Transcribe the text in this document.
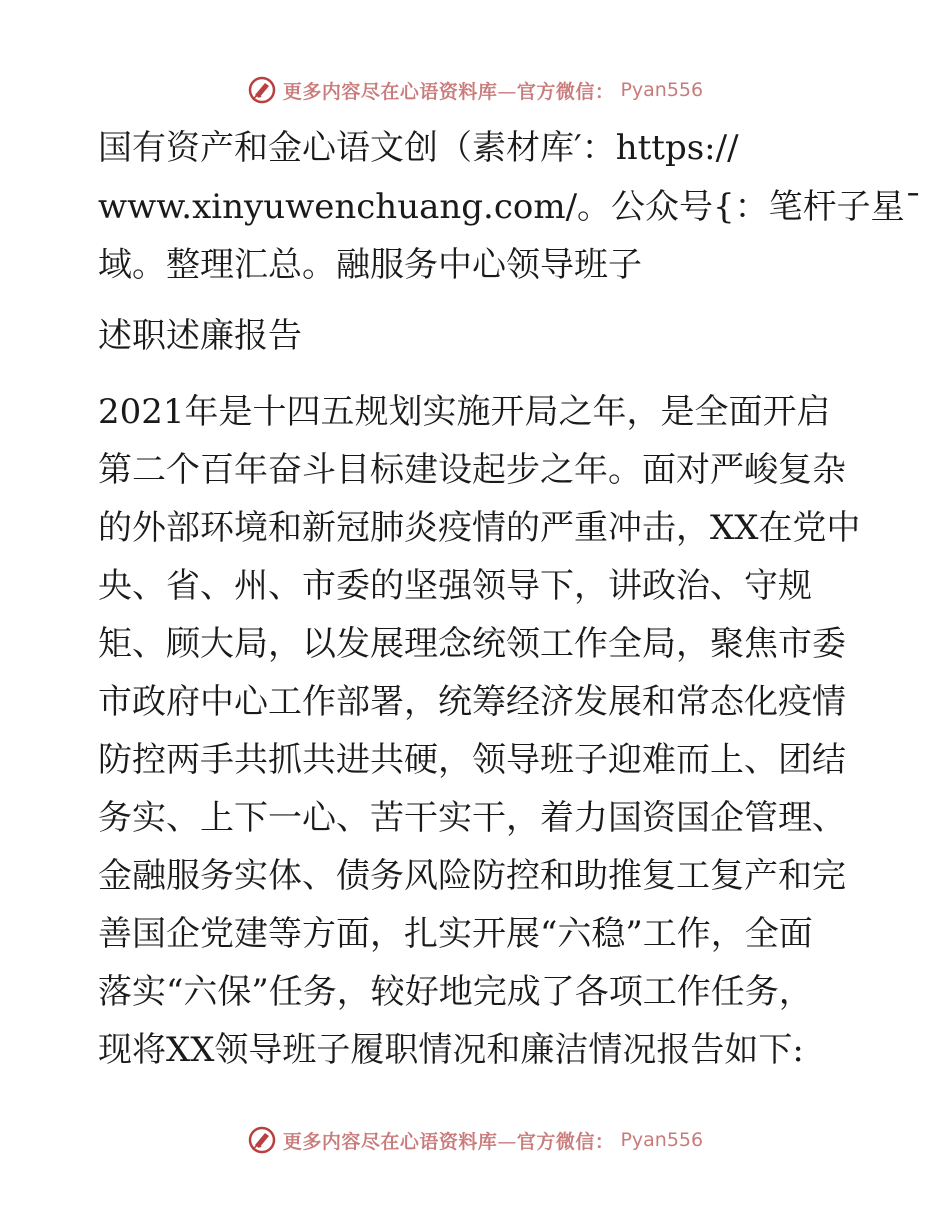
更多内容尽在心语资料库—官方微信： Pyan556
国有资产和金心语文创（素材库′：https://
www.xinyuwenchuang.com/。公众号{：笔杆子星¯
域。整理汇总。融服务中心领导班子
述职述廉报告
2021年是十四五规划实施开局之年，是全面开启
第二个百年奋斗目标建设起步之年。面对严峻复杂
的外部环境和新冠肺炎疫情的严重冲击，XX在党中
央、省、州、市委的坚强领导下，讲政治、守规
矩、顾大局，以发展理念统领工作全局，聚焦市委
市政府中心工作部署，统筹经济发展和常态化疫情
防控两手共抓共进共硬，领导班子迎难而上、团结
务实、上下一心、苦干实干，着力国资国企管理、
金融服务实体、债务风险防控和助推复工复产和完
善国企党建等方面，扎实开展“六稳”工作，全面
落实“六保”任务，较好地完成了各项工作任务，
现将XX领导班子履职情况和廉洁情况报告如下:
更多内容尽在心语资料库—官方微信： Pyan556
